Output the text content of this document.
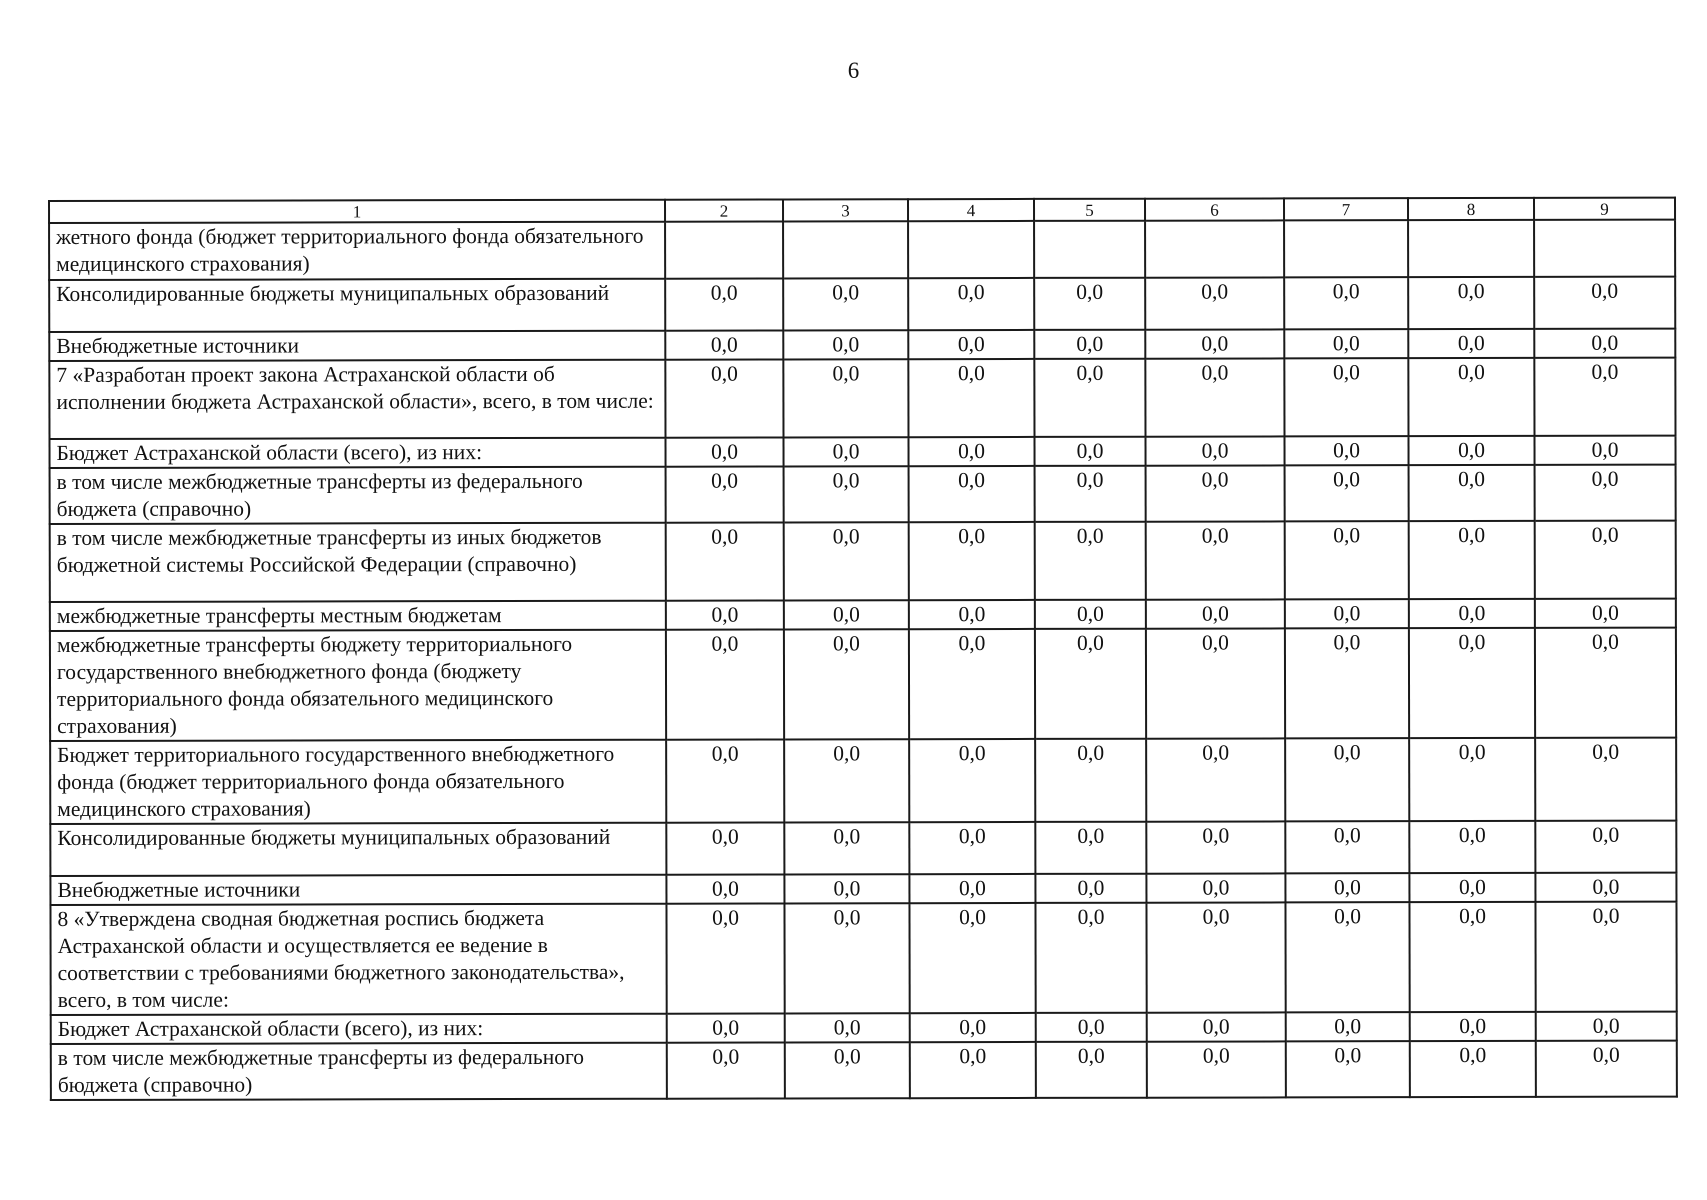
6
1	2	3	4	5	6	7	8	9
жетного фонда (бюджет территориального фонда обязательного медицинского страхования)								
Консолидированные бюджеты муниципальных образований	0,0	0,0	0,0	0,0	0,0	0,0	0,0	0,0
Внебюджетные источники	0,0	0,0	0,0	0,0	0,0	0,0	0,0	0,0
7 «Разработан проект закона Астраханской области об исполнении бюджета Астраханской области», всего, в том числе:	0,0	0,0	0,0	0,0	0,0	0,0	0,0	0,0
Бюджет Астраханской области (всего), из них:	0,0	0,0	0,0	0,0	0,0	0,0	0,0	0,0
в том числе межбюджетные трансферты из федерального бюджета (справочно)	0,0	0,0	0,0	0,0	0,0	0,0	0,0	0,0
в том числе межбюджетные трансферты из иных бюджетов бюджетной системы Российской Федерации (справочно)	0,0	0,0	0,0	0,0	0,0	0,0	0,0	0,0
межбюджетные трансферты местным бюджетам	0,0	0,0	0,0	0,0	0,0	0,0	0,0	0,0
межбюджетные трансферты бюджету территориального государственного внебюджетного фонда (бюджету территориального фонда обязательного медицинского страхования)	0,0	0,0	0,0	0,0	0,0	0,0	0,0	0,0
Бюджет территориального государственного внебюджетного фонда (бюджет территориального фонда обязательного медицинского страхования)	0,0	0,0	0,0	0,0	0,0	0,0	0,0	0,0
Консолидированные бюджеты муниципальных образований	0,0	0,0	0,0	0,0	0,0	0,0	0,0	0,0
Внебюджетные источники	0,0	0,0	0,0	0,0	0,0	0,0	0,0	0,0
8 «Утверждена сводная бюджетная роспись бюджета Астраханской области и осуществляется ее ведение в соответствии с требованиями бюджетного законодательства», всего, в том числе:	0,0	0,0	0,0	0,0	0,0	0,0	0,0	0,0
Бюджет Астраханской области (всего), из них:	0,0	0,0	0,0	0,0	0,0	0,0	0,0	0,0
в том числе межбюджетные трансферты из федерального бюджета (справочно)	0,0	0,0	0,0	0,0	0,0	0,0	0,0	0,0
